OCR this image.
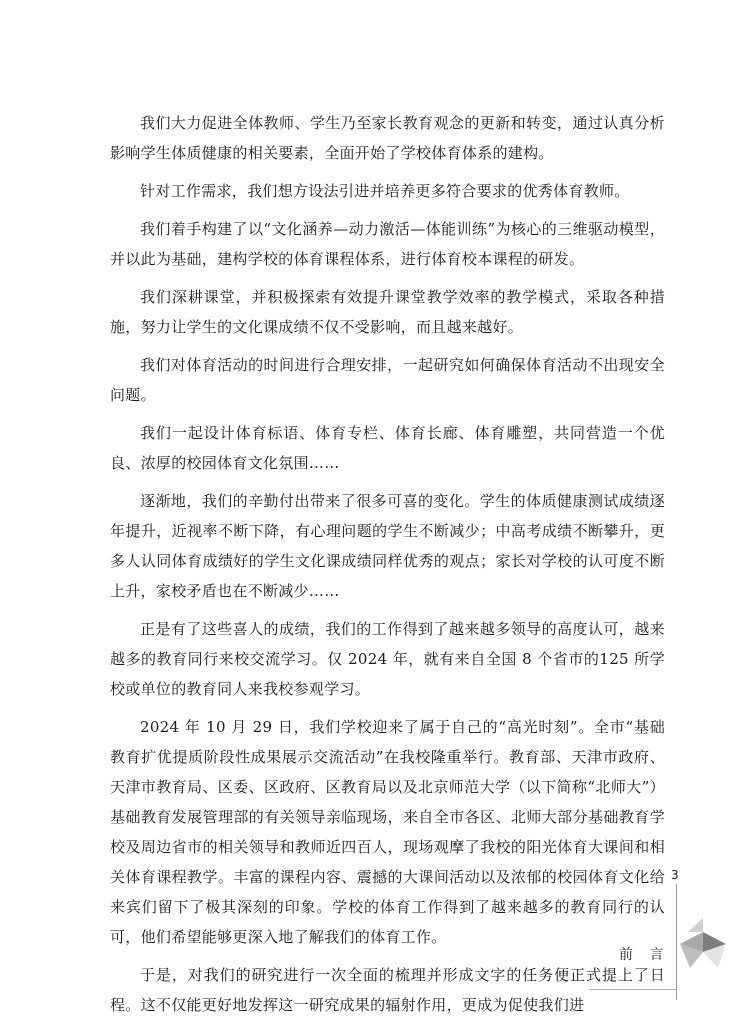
我们大力促进全体教师、学生乃至家长教育观念的更新和转变，通过认真分析影响学生体质健康的相关要素，全面开始了学校体育体系的建构。

针对工作需求，我们想方设法引进并培养更多符合要求的优秀体育教师。

我们着手构建了以“文化涵养—动力激活—体能训练”为核心的三维驱动模型，并以此为基础，建构学校的体育课程体系，进行体育校本课程的研发。

我们深耕课堂，并积极探索有效提升课堂教学效率的教学模式，采取各种措施，努力让学生的文化课成绩不仅不受影响，而且越来越好。

我们对体育活动的时间进行合理安排，一起研究如何确保体育活动不出现安全问题。

我们一起设计体育标语、体育专栏、体育长廊、体育雕塑，共同营造一个优良、浓厚的校园体育文化氛围……

逐渐地，我们的辛勤付出带来了很多可喜的变化。学生的体质健康测试成绩逐年提升，近视率不断下降，有心理问题的学生不断减少；中高考成绩不断攀升，更多人认同体育成绩好的学生文化课成绩同样优秀的观点；家长对学校的认可度不断上升，家校矛盾也在不断减少……

正是有了这些喜人的成绩，我们的工作得到了越来越多领导的高度认可，越来越多的教育同行来校交流学习。仅 2024 年，就有来自全国 8 个省市的125 所学校或单位的教育同人来我校参观学习。

2024 年 10 月 29 日，我们学校迎来了属于自己的“高光时刻”。全市“基础教育扩优提质阶段性成果展示交流活动”在我校隆重举行。教育部、天津市政府、天津市教育局、区委、区政府、区教育局以及北京师范大学（以下简称“北师大”）基础教育发展管理部的有关领导亲临现场，来自全市各区、北师大部分基础教育学校及周边省市的相关领导和教师近四百人，现场观摩了我校的阳光体育大课间和相关体育课程教学。丰富的课程内容、震撼的大课间活动以及浓郁的校园体育文化给来宾们留下了极其深刻的印象。学校的体育工作得到了越来越多的教育同行的认可，他们希望能够更深入地了解我们的体育工作。

于是，对我们的研究进行一次全面的梳理并形成文字的任务便正式提上了日程。这不仅能更好地发挥这一研究成果的辐射作用，更成为促使我们进

3
前 言
